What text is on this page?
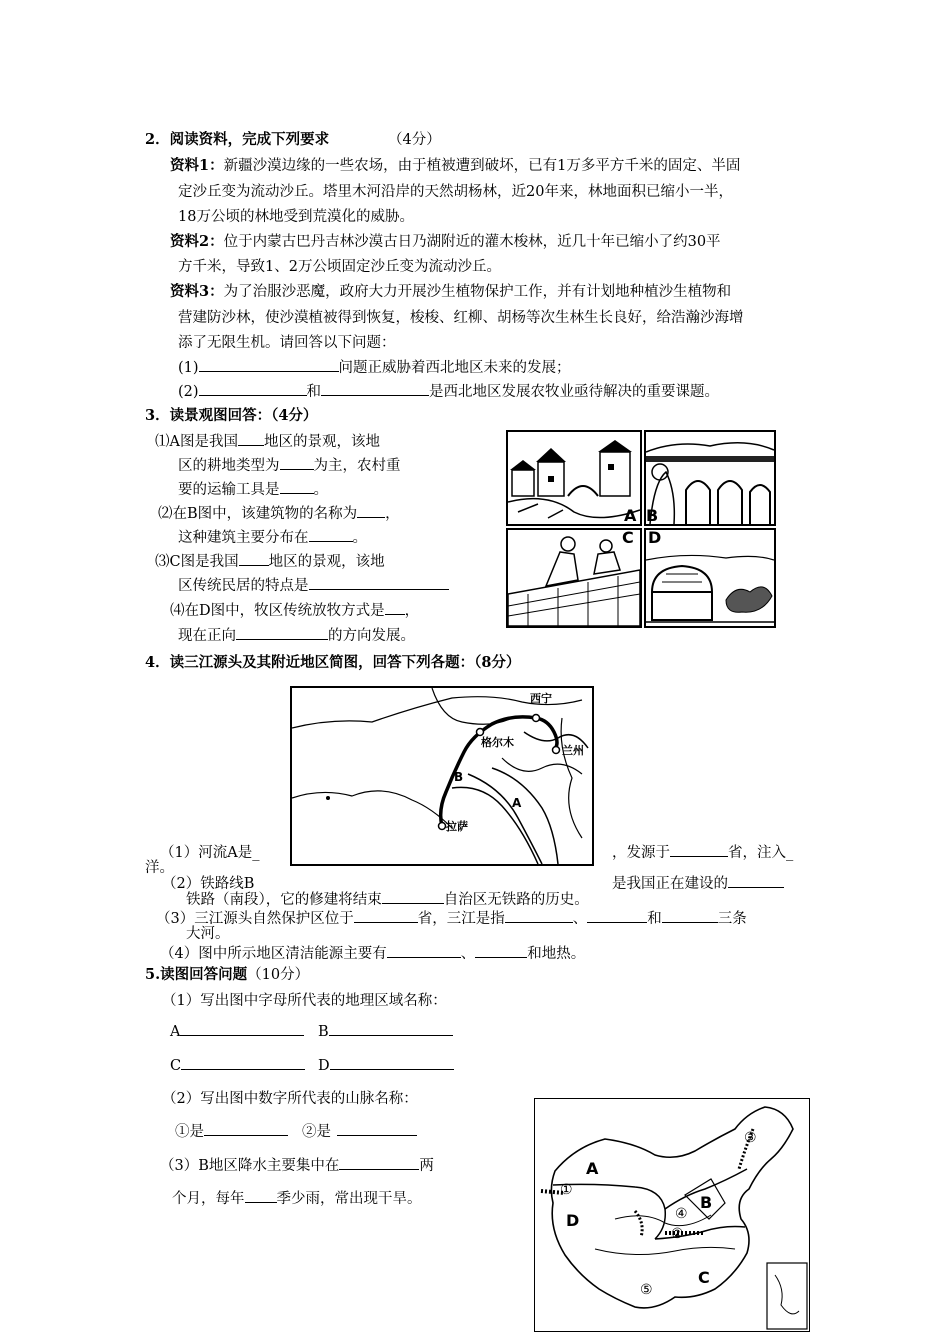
2．阅读资料，完成下列要求	（4分）
资料1：新疆沙漠边缘的一些农场，由于植被遭到破坏，已有1万多平方千米的固定、半固
定沙丘变为流动沙丘。塔里木河沿岸的天然胡杨林，近20年来，林地面积已缩小一半，
18万公顷的林地受到荒漠化的威胁。
资料2：位于内蒙古巴丹吉林沙漠古日乃湖附近的灌木梭林，近几十年已缩小了约30平
方千米，导致1、2万公顷固定沙丘变为流动沙丘。
资料3：为了治服沙恶魔，政府大力开展沙生植物保护工作，并有计划地种植沙生植物和
营建防沙林，使沙漠植被得到恢复，梭梭、红柳、胡杨等次生林生长良好，给浩瀚沙海增
添了无限生机。请回答以下问题：
(1)	问题正威胁着西北地区未来的发展；
(2)	和	是西北地区发展农牧业亟待解决的重要课题。
3．读景观图回答：（4分）
⑴A图是我国 地区的景观，该地
区的耕地类型为 为主，农村重
要的运输工具是 。
⑵在B图中，该建筑物的名称为 ，
这种建筑主要分布在	。
⑶C图是我国 地区的景观，该地
区传统民居的特点是
⑷在D图中，牧区传统放牧方式是 ，
现在正向	的方向发展。
A B
C D
4．读三江源头及其附近地区简图，回答下列各题：（8分）
西宁
格尔木
兰州
拉萨
B
A
（1）河流A是_	，发源于	省，注入_
洋。
（2）铁路线B	是我国正在建设的
铁路（南段），它的修建将结束	自治区无铁路的历史。
（3）三江源头自然保护区位于	省，三江是指	、	和	三条
大河。
（4）图中所示地区清洁能源主要有	、	和地热。
5.读图回答问题（10分）
（1）写出图中字母所代表的地理区域名称：
A	B
C	D
（2）写出图中数字所代表的山脉名称：
①是	②是
（3）B地区降水主要集中在	两
个月，每年 季少雨，常出现干旱。
A
B
C
D
①
②
③
④
⑤
